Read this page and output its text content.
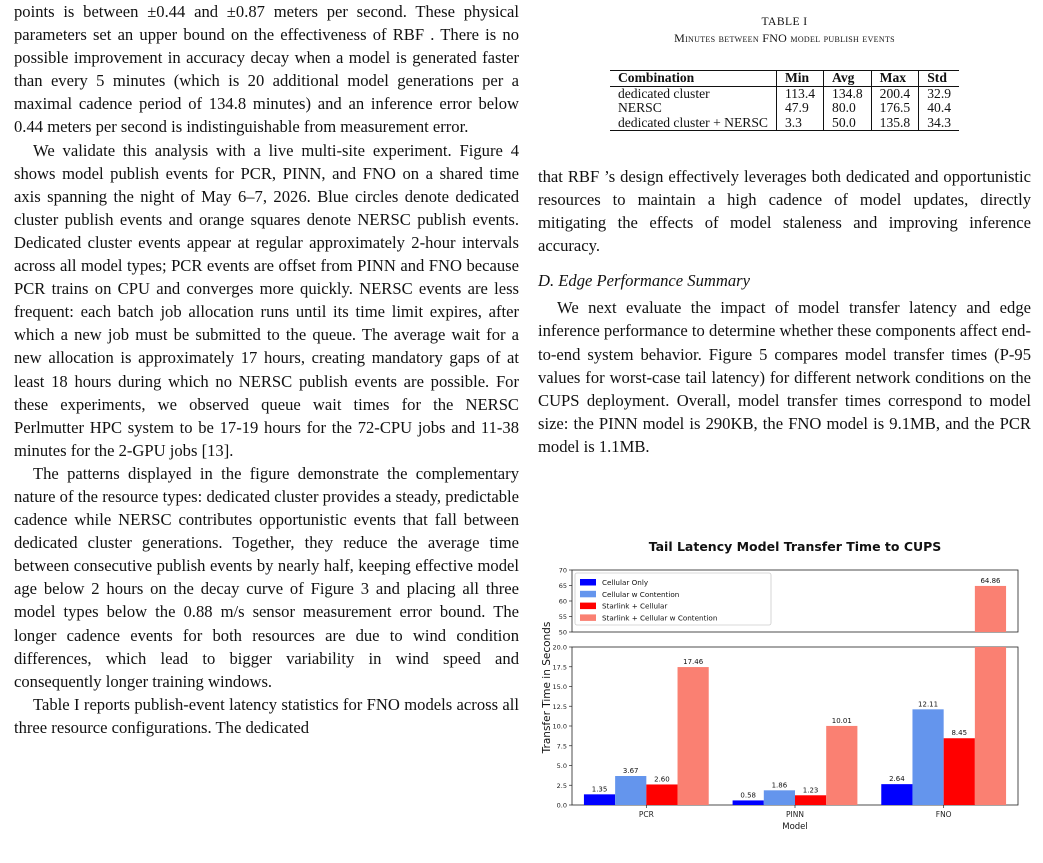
points is between ±0.44 and ±0.87 meters per second. These physical parameters set an upper bound on the effectiveness of RBF . There is no possible improvement in accuracy decay when a model is generated faster than every 5 minutes (which is 20 additional model generations per a maximal cadence period of 134.8 minutes) and an inference error below 0.44 meters per second is indistinguishable from measurement error.

We validate this analysis with a live multi-site experiment. Figure 4 shows model publish events for PCR, PINN, and FNO on a shared time axis spanning the night of May 6–7, 2026. Blue circles denote dedicated cluster publish events and orange squares denote NERSC publish events. Dedicated cluster events appear at regular approximately 2-hour intervals across all model types; PCR events are offset from PINN and FNO because PCR trains on CPU and converges more quickly. NERSC events are less frequent: each batch job allocation runs until its time limit expires, after which a new job must be submitted to the queue. The average wait for a new allocation is approximately 17 hours, creating mandatory gaps of at least 18 hours during which no NERSC publish events are possible. For these experiments, we observed queue wait times for the NERSC Perlmutter HPC system to be 17-19 hours for the 72-CPU jobs and 11-38 minutes for the 2-GPU jobs [13].

The patterns displayed in the figure demonstrate the complementary nature of the resource types: dedicated cluster provides a steady, predictable cadence while NERSC contributes opportunistic events that fall between dedicated cluster generations. Together, they reduce the average time between consecutive publish events by nearly half, keeping effective model age below 2 hours on the decay curve of Figure 3 and placing all three model types below the 0.88 m/s sensor measurement error bound. The longer cadence events for both resources are due to wind condition differences, which lead to bigger variability in wind speed and consequently longer training windows.

Table I reports publish-event latency statistics for FNO models across all three resource configurations. The dedicated

TABLE I
Minutes between FNO model publish events
Combination	Min	Avg	Max	Std
dedicated cluster	113.4	134.8	200.4	32.9
NERSC	47.9	80.0	176.5	40.4
dedicated cluster + NERSC	3.3	50.0	135.8	34.3

that RBF ’s design effectively leverages both dedicated and opportunistic resources to maintain a high cadence of model updates, directly mitigating the effects of model staleness and improving inference accuracy.

D. Edge Performance Summary

We next evaluate the impact of model transfer latency and edge inference performance to determine whether these components affect end-to-end system behavior. Figure 5 compares model transfer times (P-95 values for worst-case tail latency) for different network conditions on the CUPS deployment. Overall, model transfer times correspond to model size: the PINN model is 290KB, the FNO model is 9.1MB, and the PCR model is 1.1MB.

Tail Latency Model Transfer Time to CUPS
50
55
60
65
70
0.0
2.5
5.0
7.5
10.0
12.5
15.0
17.5
20.0
Transfer Time in Seconds
1.35
0.58
2.64
3.67
1.86
12.11
2.60
1.23
8.45
17.46
10.01
64.86
PCR	PINN	FNO
Model
Cellular Only
Cellular w Contention
Starlink + Cellular
Starlink + Cellular w Contention
